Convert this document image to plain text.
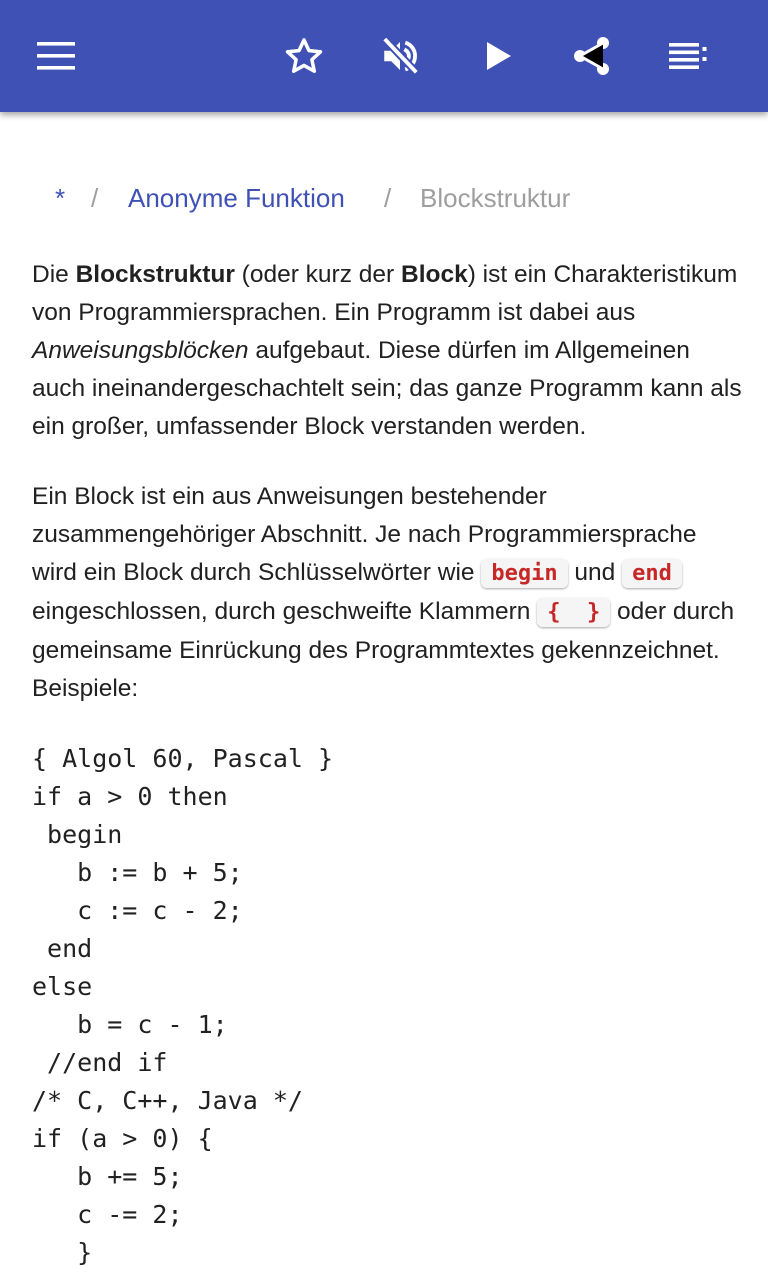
* / Anonyme Funktion / Blockstruktur

Die Blockstruktur (oder kurz der Block) ist ein Charakteristikum von Programmiersprachen. Ein Programm ist dabei aus Anweisungsblöcken aufgebaut. Diese dürfen im Allgemeinen auch ineinandergeschachtelt sein; das ganze Programm kann als ein großer, umfassender Block verstanden werden.

Ein Block ist ein aus Anweisungen bestehender zusammengehöriger Abschnitt. Je nach Programmiersprache wird ein Block durch Schlüsselwörter wie begin und end eingeschlossen, durch geschweifte Klammern {  } oder durch gemeinsame Einrückung des Programmtextes gekennzeichnet. Beispiele:

{ Algol 60, Pascal }
if a > 0 then
begin
b := b + 5;
c := c - 2;
end
else
b = c - 1;
//end if
/* C, C++, Java */
if (a > 0) {
b += 5;
c -= 2;
}
